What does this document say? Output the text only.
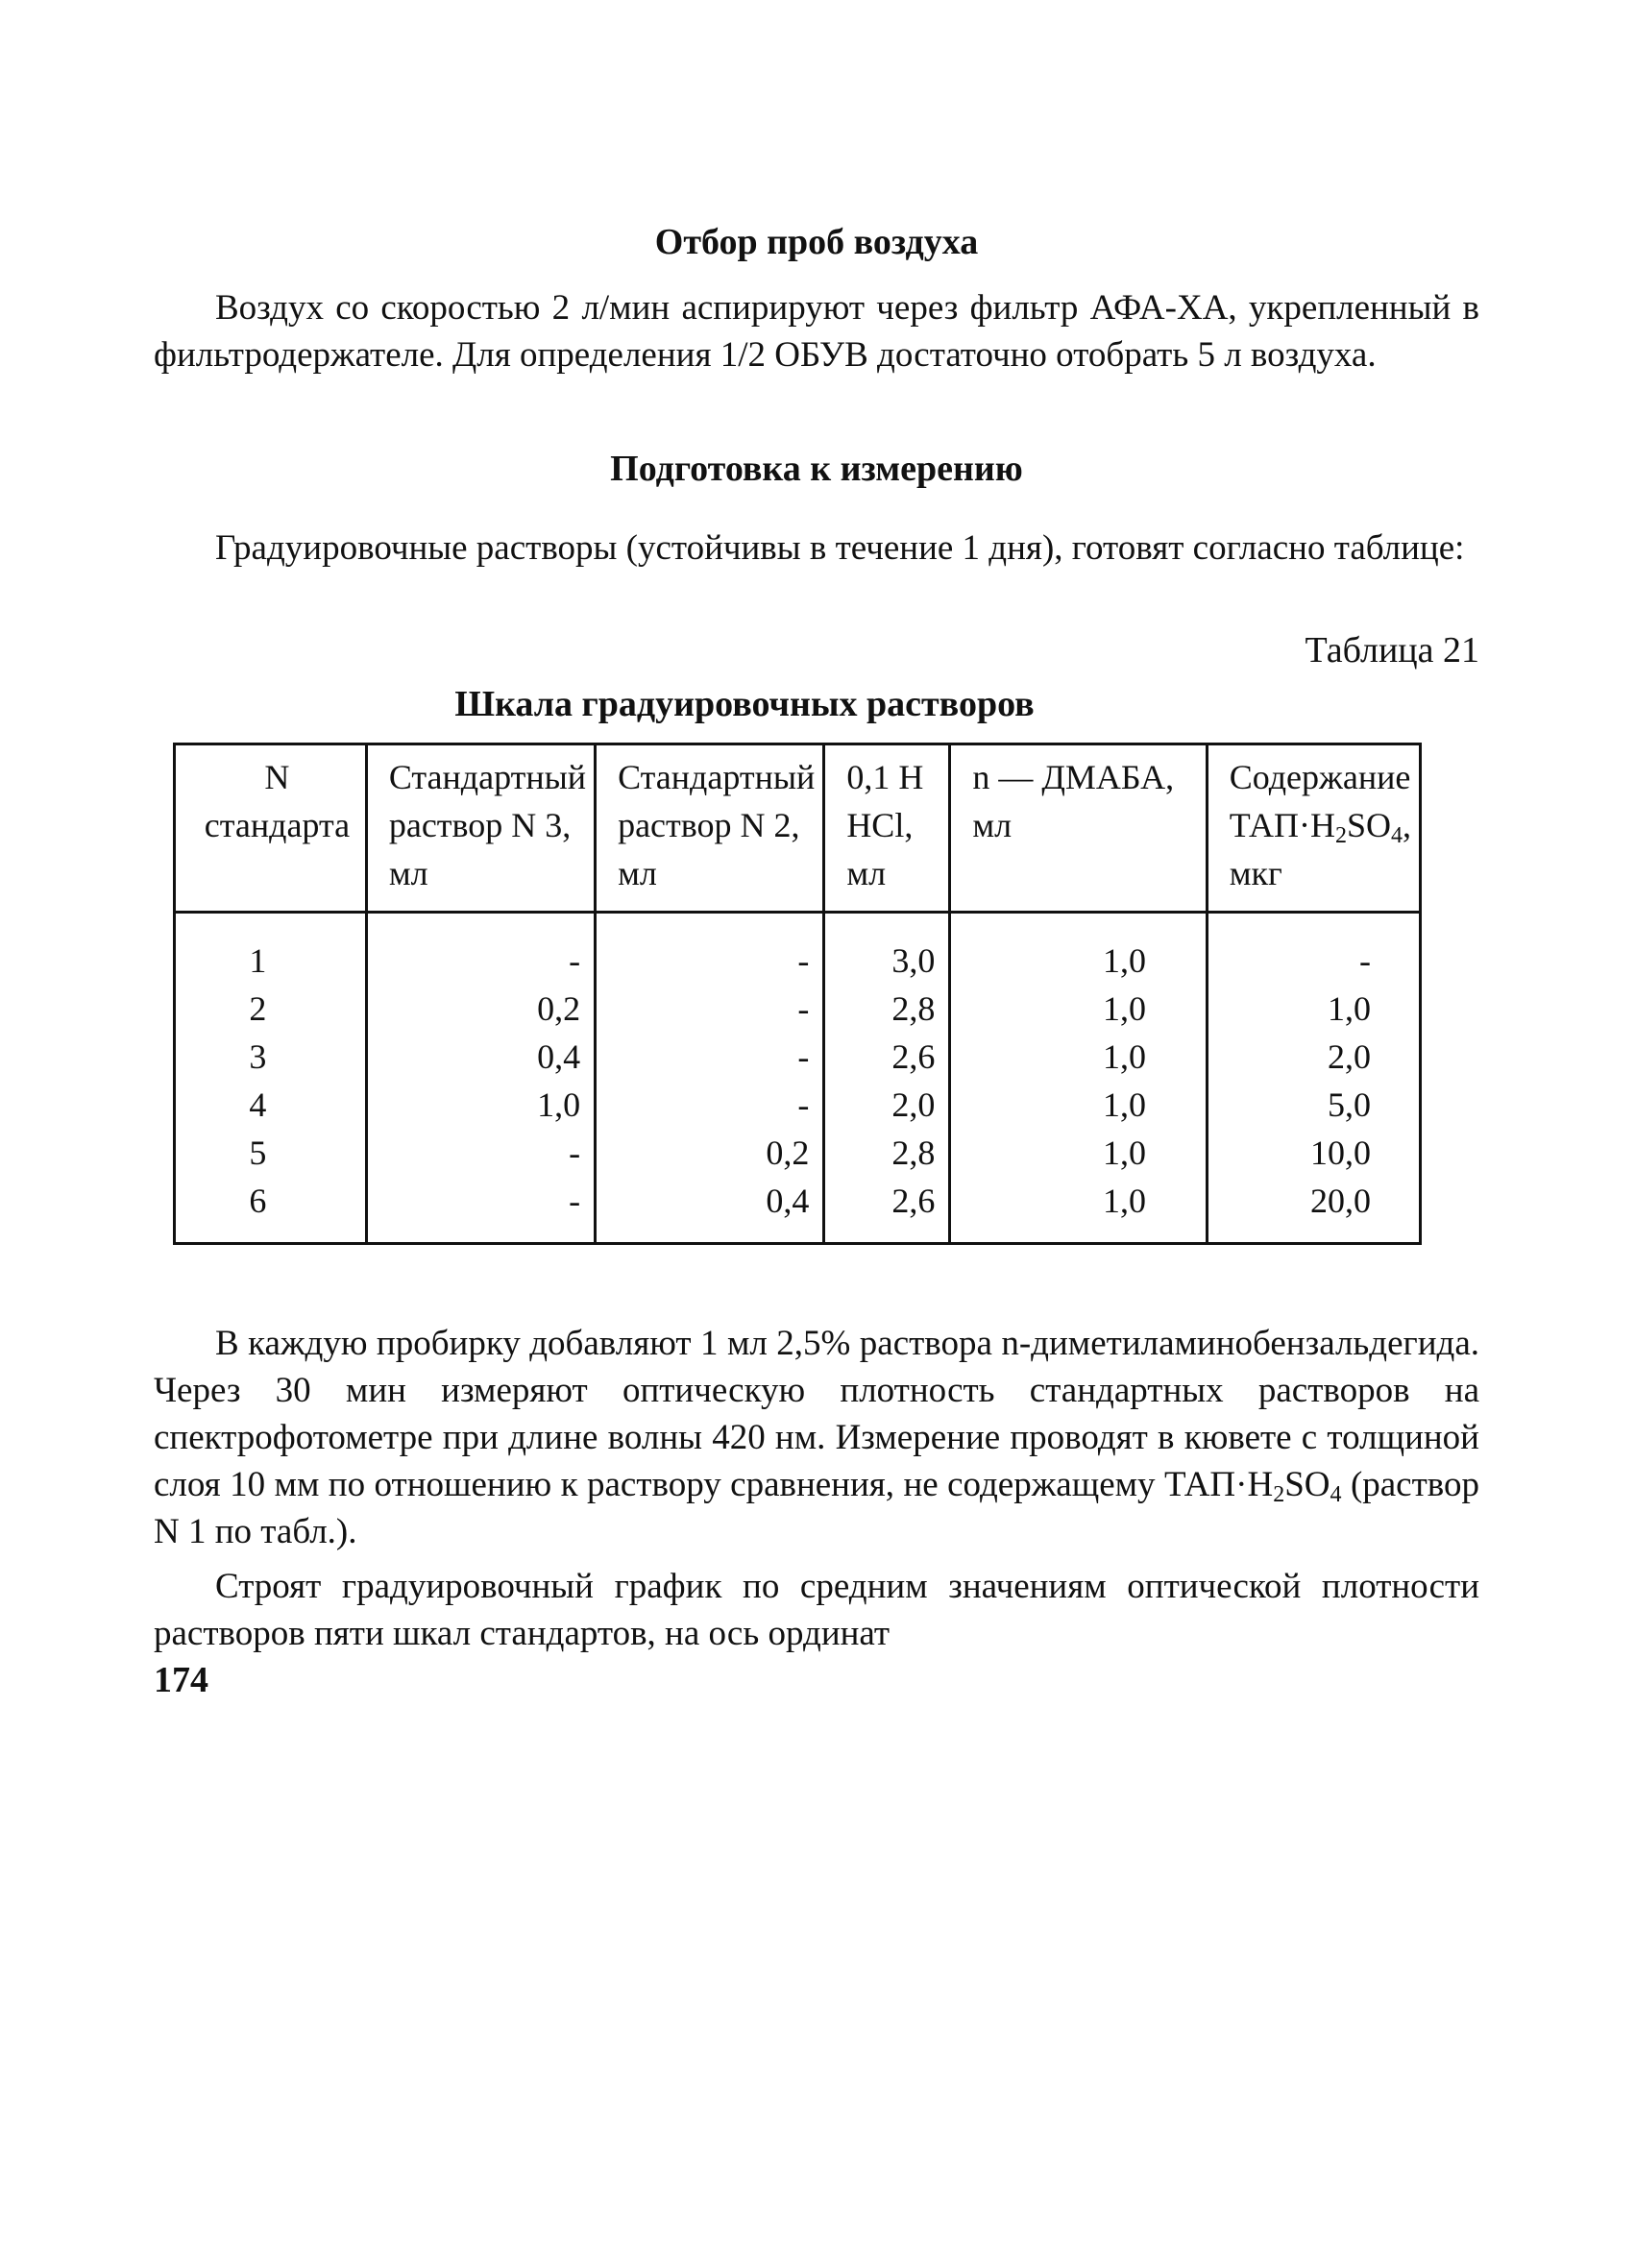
Отбор проб воздуха

Воздух со скоростью 2 л/мин аспирируют через фильтр АФА-ХА, укрепленный в фильтродержателе. Для определения 1/2 ОБУВ достаточно отобрать 5 л воздуха.

Подготовка к измерению

Градуировочные растворы (устойчивы в течение 1 дня), готовят согласно таблице:

Таблица 21

Шкала градуировочных растворов

N стандарта	Стандартный раствор N 3, мл	Стандартный раствор N 2, мл	0,1 Н HCl, мл	n — ДМАБА, мл	Содержание $ТАП\cdot H_2SO_4$, мкг
1	-	-	3,0	1,0	-
2	0,2	-	2,8	1,0	1,0
3	0,4	-	2,6	1,0	2,0
4	1,0	-	2,0	1,0	5,0
5	-	0,2	2,8	1,0	10,0
6	-	0,4	2,6	1,0	20,0

В каждую пробирку добавляют 1 мл 2,5% раствора n-диметиламинобензальдегида. Через 30 мин измеряют оптическую плотность стандартных растворов на спектрофотометре при длине волны 420 нм. Измерение проводят в кювете с толщиной слоя 10 мм по отношению к раствору сравнения, не содержащему $ТАП\cdot H_2SO_4$ (раствор N 1 по табл.).

Строят градуировочный график по средним значениям оптической плотности растворов пяти шкал стандартов, на ось ординат

174
